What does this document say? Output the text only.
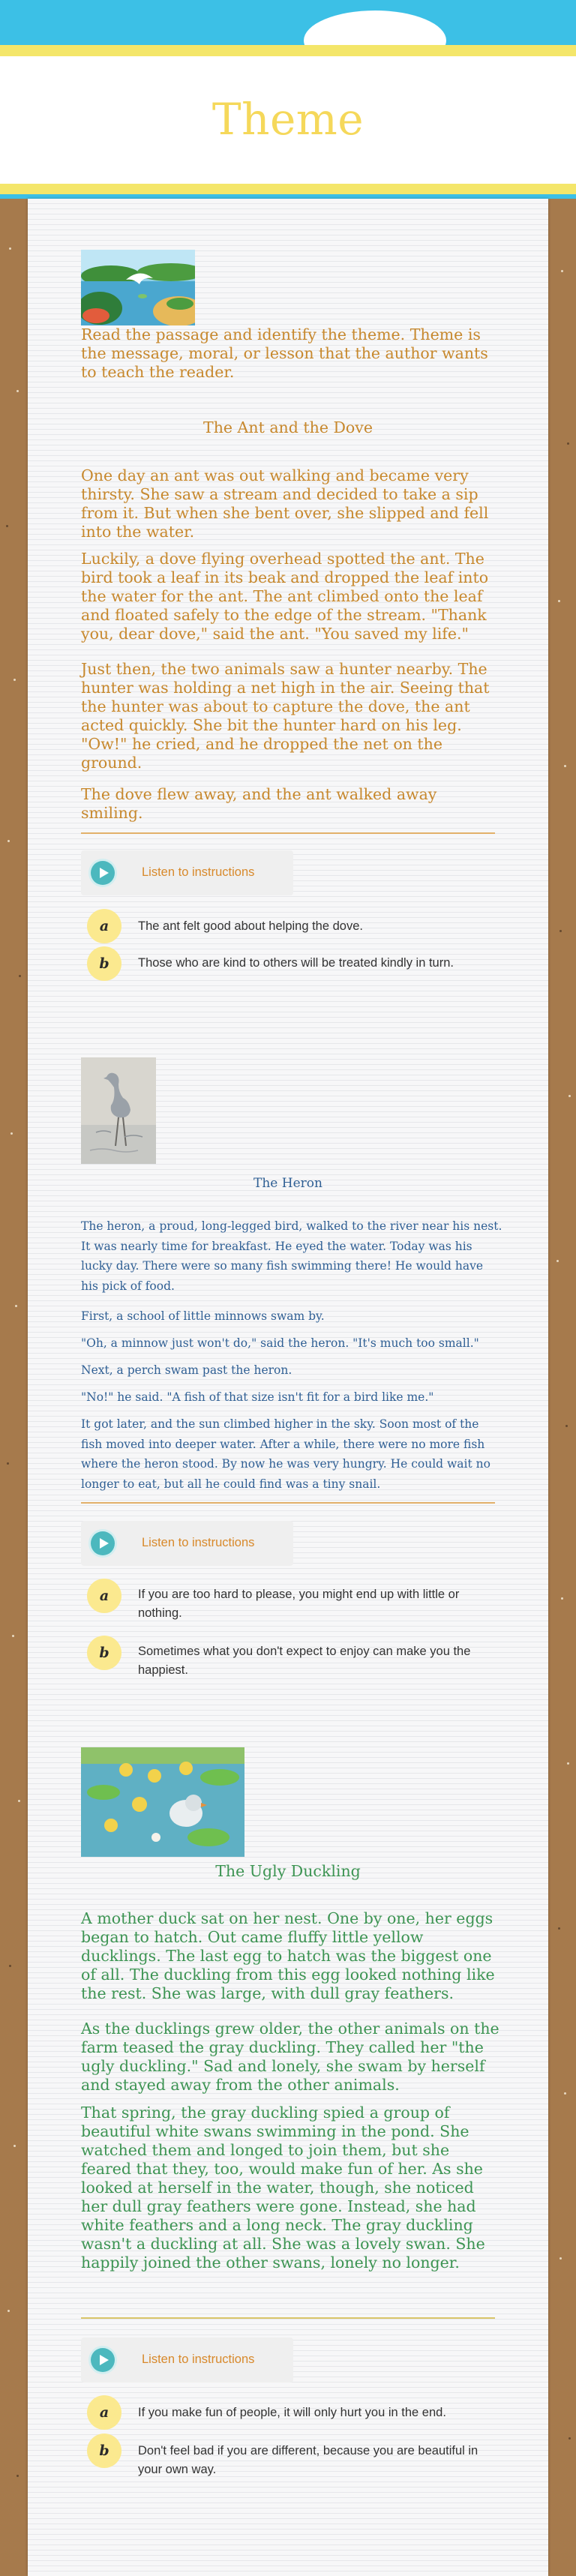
Theme
Read the passage and identify the theme. Theme is the message, moral, or lesson that the author wants to teach the reader.
The Ant and the Dove
One day an ant was out walking and became very thirsty. She saw a stream and decided to take a sip from it. But when she bent over, she slipped and fell into the water.
Luckily, a dove flying overhead spotted the ant. The bird took a leaf in its beak and dropped the leaf into the water for the ant. The ant climbed onto the leaf and floated safely to the edge of the stream. "Thank you, dear dove," said the ant. "You saved my life."
Just then, the two animals saw a hunter nearby. The hunter was holding a net high in the air. Seeing that the hunter was about to capture the dove, the ant acted quickly. She bit the hunter hard on his leg. "Ow!" he cried, and he dropped the net on the ground.
The dove flew away, and the ant walked away smiling.
Listen to instructions
a	The ant felt good about helping the dove.
b	Those who are kind to others will be treated kindly in turn.
The Heron
The heron, a proud, long-legged bird, walked to the river near his nest. It was nearly time for breakfast. He eyed the water. Today was his lucky day. There were so many fish swimming there! He would have his pick of food.
First, a school of little minnows swam by.
"Oh, a minnow just won't do," said the heron. "It's much too small."
Next, a perch swam past the heron.
"No!" he said. "A fish of that size isn't fit for a bird like me."
It got later, and the sun climbed higher in the sky. Soon most of the fish moved into deeper water. After a while, there were no more fish where the heron stood. By now he was very hungry. He could wait no longer to eat, but all he could find was a tiny snail.
Listen to instructions
a	If you are too hard to please, you might end up with little or nothing.
b	Sometimes what you don't expect to enjoy can make you the happiest.
The Ugly Duckling
A mother duck sat on her nest. One by one, her eggs began to hatch. Out came fluffy little yellow ducklings. The last egg to hatch was the biggest one of all. The duckling from this egg looked nothing like the rest. She was large, with dull gray feathers.
As the ducklings grew older, the other animals on the farm teased the gray duckling. They called her "the ugly duckling." Sad and lonely, she swam by herself and stayed away from the other animals.
That spring, the gray duckling spied a group of beautiful white swans swimming in the pond. She watched them and longed to join them, but she feared that they, too, would make fun of her. As she looked at herself in the water, though, she noticed her dull gray feathers were gone. Instead, she had white feathers and a long neck. The gray duckling wasn't a duckling at all. She was a lovely swan. She happily joined the other swans, lonely no longer.
Listen to instructions
a	If you make fun of people, it will only hurt you in the end.
b	Don't feel bad if you are different, because you are beautiful in your own way.
